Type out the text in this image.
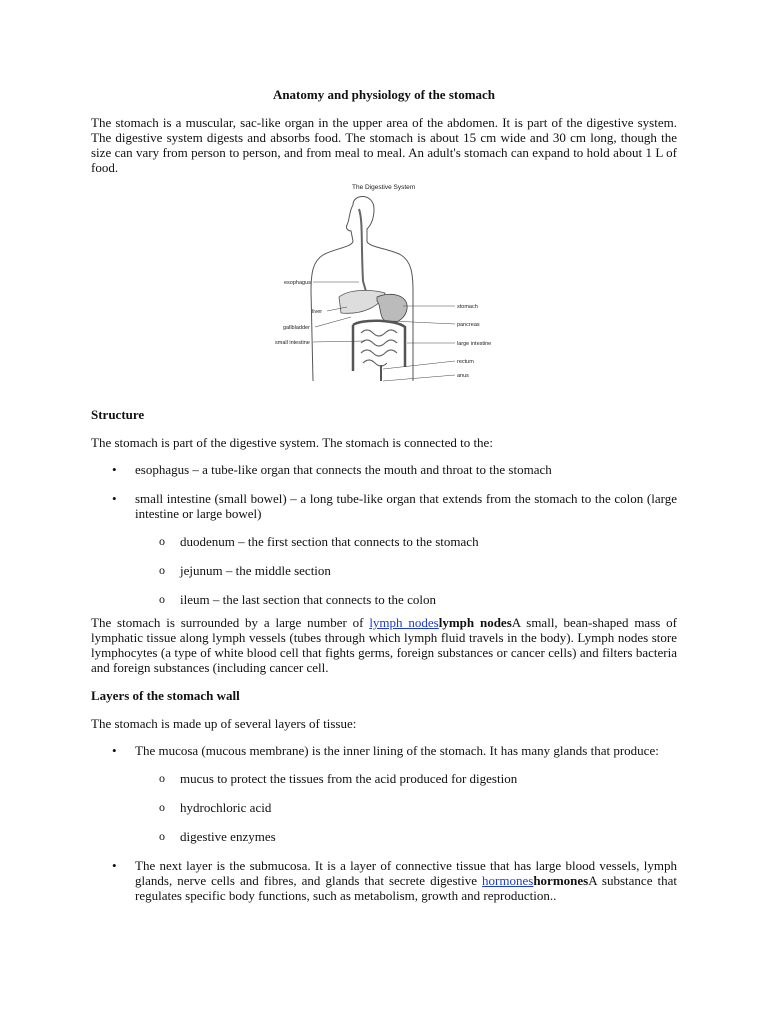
Anatomy and physiology of the stomach

The stomach is a muscular, sac-like organ in the upper area of the abdomen. It is part of the digestive system. The digestive system digests and absorbs food. The stomach is about 15 cm wide and 30 cm long, though the size can vary from person to person, and from meal to meal. An adult's stomach can expand to hold about 1 L of food.

The Digestive System
esophagus
liver
gallbladder
small intestine
stomach
pancreas
large intestine
rectum
anus
Structure

The stomach is part of the digestive system. The stomach is connected to the:

• esophagus – a tube-like organ that connects the mouth and throat to the stomach
• small intestine (small bowel) – a long tube-like organ that extends from the stomach to the colon (large intestine or large bowel)
o duodenum – the first section that connects to the stomach
o jejunum – the middle section
o ileum – the last section that connects to the colon

The stomach is surrounded by a large number of lymph nodeslymph nodesA small, bean-shaped mass of lymphatic tissue along lymph vessels (tubes through which lymph fluid travels in the body). Lymph nodes store lymphocytes (a type of white blood cell that fights germs, foreign substances or cancer cells) and filters bacteria and foreign substances (including cancer cell.

Layers of the stomach wall

The stomach is made up of several layers of tissue:

• The mucosa (mucous membrane) is the inner lining of the stomach. It has many glands that produce:
o mucus to protect the tissues from the acid produced for digestion
o hydrochloric acid
o digestive enzymes
• The next layer is the submucosa. It is a layer of connective tissue that has large blood vessels, lymph glands, nerve cells and fibres, and glands that secrete digestive hormoneshormonesA substance that regulates specific body functions, such as metabolism, growth and reproduction..
